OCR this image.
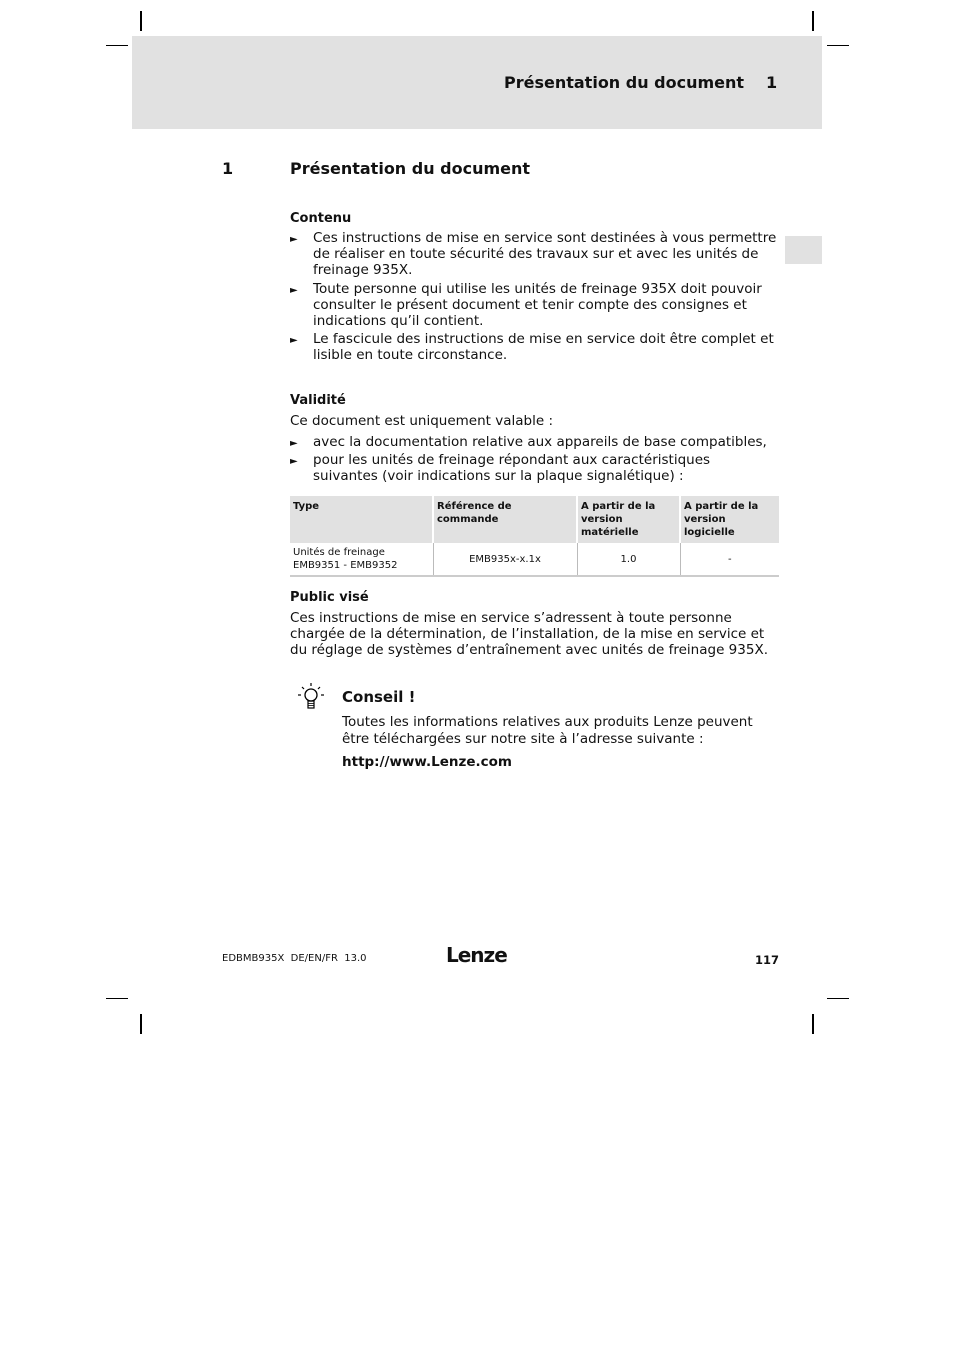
Présentation du document 1
1	Présentation du document
Contenu
► Ces instructions de mise en service sont destinées à vous permettre de réaliser en toute sécurité des travaux sur et avec les unités de freinage 935X.
► Toute personne qui utilise les unités de freinage 935X doit pouvoir consulter le présent document et tenir compte des consignes et indications qu’il contient.
► Le fascicule des instructions de mise en service doit être complet et lisible en toute circonstance.
Validité
Ce document est uniquement valable :
► avec la documentation relative aux appareils de base compatibles,
► pour les unités de freinage répondant aux caractéristiques suivantes (voir indications sur la plaque signalétique) :
Type	Référence de commande	A partir de la version matérielle	A partir de la version logicielle
Unités de freinage EMB9351 - EMB9352	EMB935x-x.1x	1.0	-
Public visé
Ces instructions de mise en service s’adressent à toute personne chargée de la détermination, de l’installation, de la mise en service et du réglage de systèmes d’entraînement avec unités de freinage 935X.
Conseil !
Toutes les informations relatives aux produits Lenze peuvent être téléchargées sur notre site à l’adresse suivante :
http://www.Lenze.com
EDBMB935X  DE/EN/FR  13.0	Lenze	117
